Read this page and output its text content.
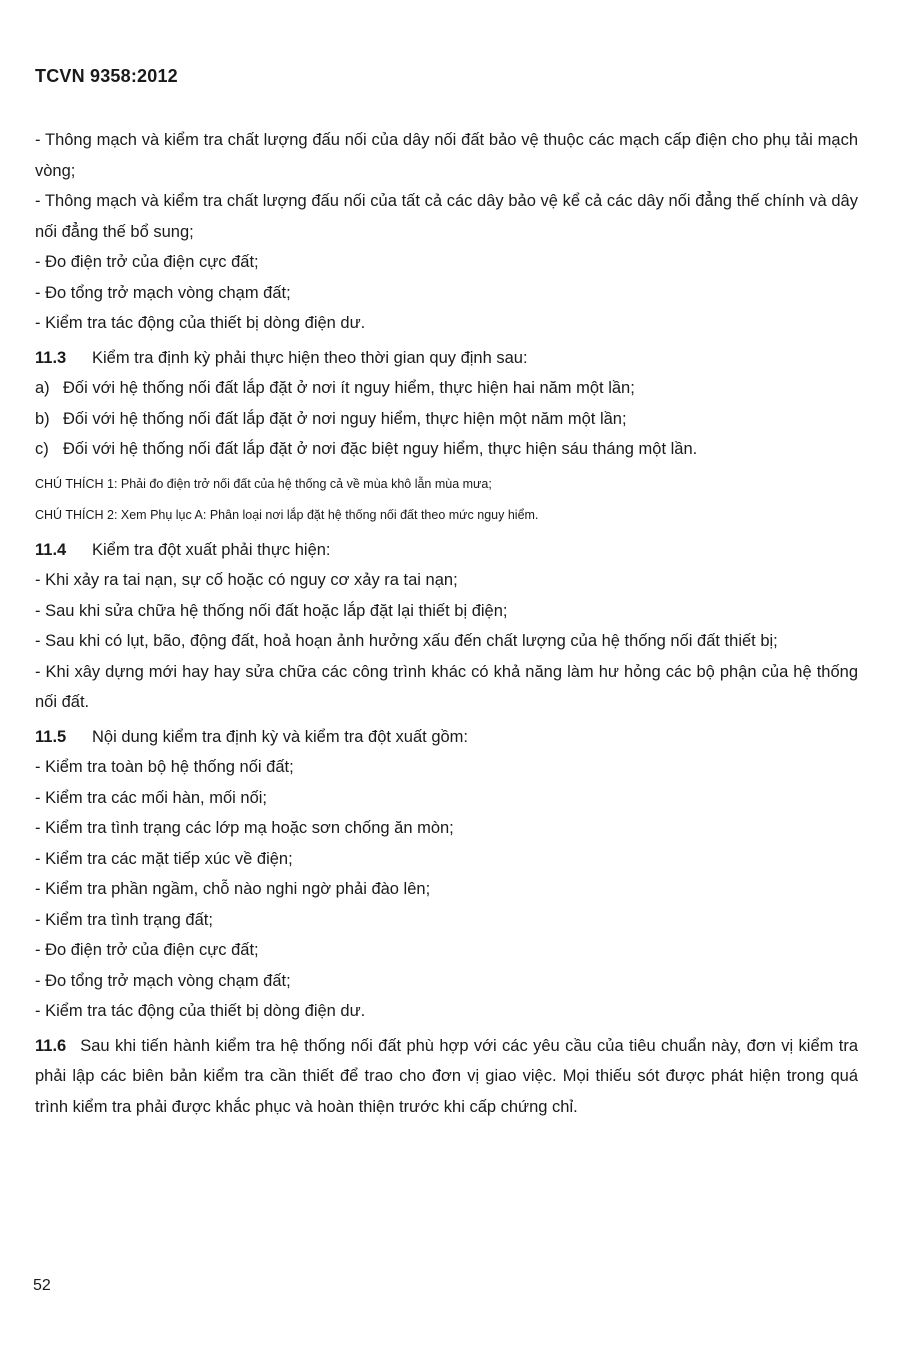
TCVN 9358:2012

- Thông mạch và kiểm tra chất lượng đấu nối của dây nối đất bảo vệ thuộc các mạch cấp điện cho phụ tải mạch vòng;

- Thông mạch và kiểm tra chất lượng đấu nối của tất cả các dây bảo vệ kể cả các dây nối đẳng thế chính và dây nối đẳng thế bổ sung;

- Đo điện trở của điện cực đất;

- Đo tổng trở mạch vòng chạm đất;

- Kiểm tra tác động của thiết bị dòng điện dư.

11.3 Kiểm tra định kỳ phải thực hiện theo thời gian quy định sau:

a) Đối với hệ thống nối đất lắp đặt ở nơi ít nguy hiểm, thực hiện hai năm một lần;

b) Đối với hệ thống nối đất lắp đặt ở nơi nguy hiểm, thực hiện một năm một lần;

c) Đối với hệ thống nối đất lắp đặt ở nơi đặc biệt nguy hiểm, thực hiện sáu tháng một lần.

CHÚ THÍCH 1: Phải đo điện trở nối đất của hệ thống cả về mùa khô lẫn mùa mưa;

CHÚ THÍCH 2: Xem Phụ lục A: Phân loại nơi lắp đặt hệ thống nối đất theo mức nguy hiểm.

11.4 Kiểm tra đột xuất phải thực hiện:

- Khi xảy ra tai nạn, sự cố hoặc có nguy cơ xảy ra tai nạn;

- Sau khi sửa chữa hệ thống nối đất hoặc lắp đặt lại thiết bị điện;

- Sau khi có lụt, bão, động đất, hoả hoạn ảnh hưởng xấu đến chất lượng của hệ thống nối đất thiết bị;

- Khi xây dựng mới hay hay sửa chữa các công trình khác có khả năng làm hư hỏng các bộ phận của hệ thống nối đất.

11.5 Nội dung kiểm tra định kỳ và kiểm tra đột xuất gồm:

- Kiểm tra toàn bộ hệ thống nối đất;

- Kiểm tra các mối hàn, mối nối;

- Kiểm tra tình trạng các lớp mạ hoặc sơn chống ăn mòn;

- Kiểm tra các mặt tiếp xúc về điện;

- Kiểm tra phần ngầm, chỗ nào nghi ngờ phải đào lên;

- Kiểm tra tình trạng đất;

- Đo điện trở của điện cực đất;

- Đo tổng trở mạch vòng chạm đất;

- Kiểm tra tác động của thiết bị dòng điện dư.

11.6 Sau khi tiến hành kiểm tra hệ thống nối đất phù hợp với các yêu cầu của tiêu chuẩn này, đơn vị kiểm tra phải lập các biên bản kiểm tra cần thiết để trao cho đơn vị giao việc. Mọi thiếu sót được phát hiện trong quá trình kiểm tra phải được khắc phục và hoàn thiện trước khi cấp chứng chỉ.

52
